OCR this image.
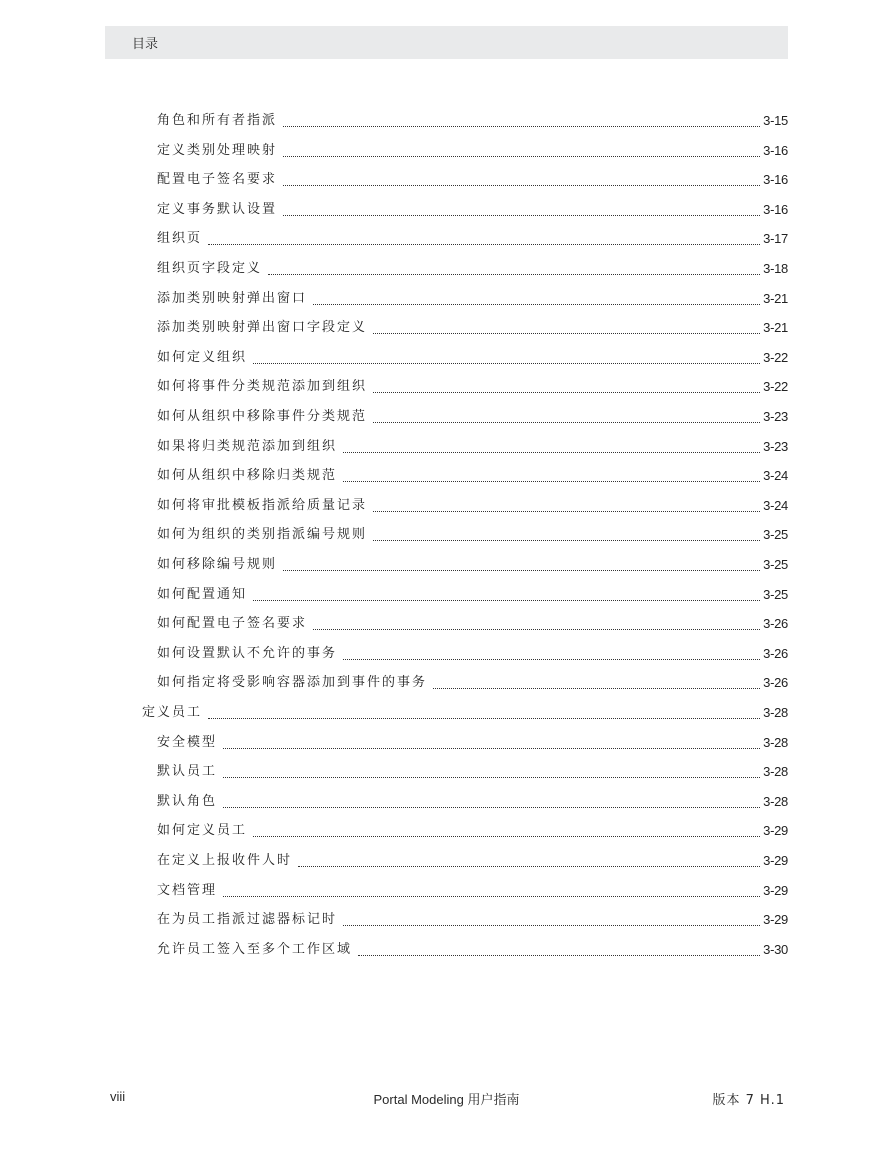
目录
角色和所有者指派	3-15
定义类别处理映射	3-16
配置电子签名要求	3-16
定义事务默认设置	3-16
组织页	3-17
组织页字段定义	3-18
添加类别映射弹出窗口	3-21
添加类别映射弹出窗口字段定义	3-21
如何定义组织	3-22
如何将事件分类规范添加到组织	3-22
如何从组织中移除事件分类规范	3-23
如果将归类规范添加到组织	3-23
如何从组织中移除归类规范	3-24
如何将审批模板指派给质量记录	3-24
如何为组织的类别指派编号规则	3-25
如何移除编号规则	3-25
如何配置通知	3-25
如何配置电子签名要求	3-26
如何设置默认不允许的事务	3-26
如何指定将受影响容器添加到事件的事务	3-26
定义员工	3-28
安全模型	3-28
默认员工	3-28
默认角色	3-28
如何定义员工	3-29
在定义上报收件人时	3-29
文档管理	3-29
在为员工指派过滤器标记时	3-29
允许员工签入至多个工作区域	3-30
viii	Portal Modeling 用户指南	版本 7 H.1
